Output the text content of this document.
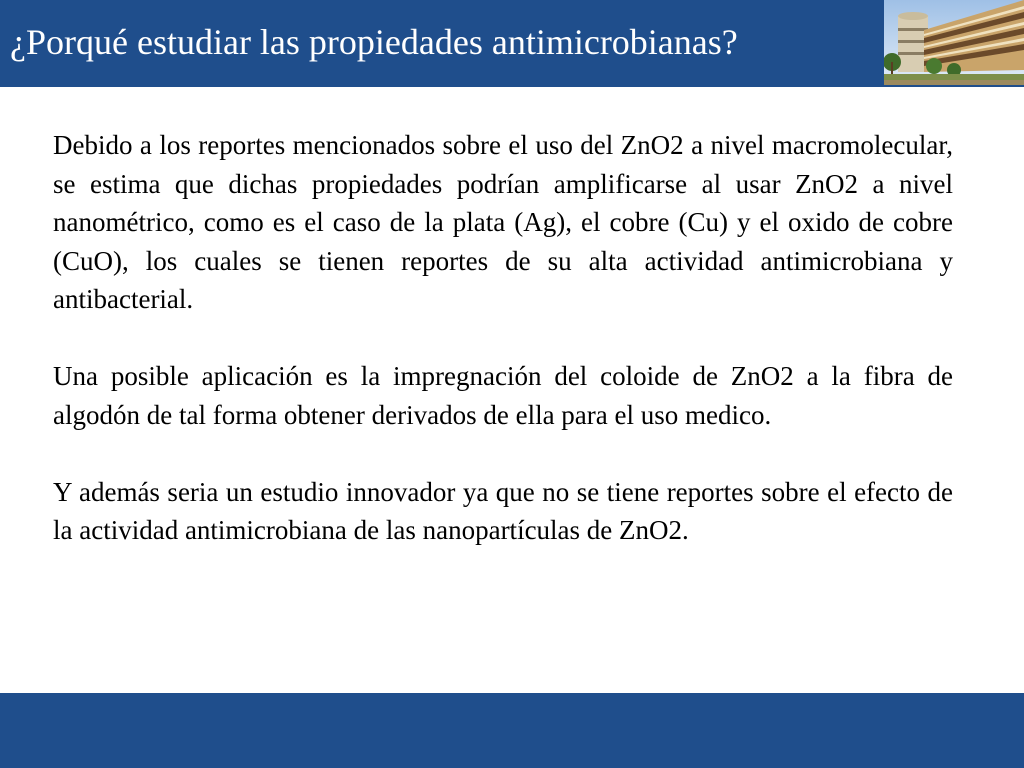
¿Porqué estudiar las propiedades antimicrobianas?

Debido a los reportes mencionados sobre el uso del ZnO2 a nivel macromolecular, se estima que dichas propiedades podrían amplificarse al usar ZnO2 a nivel nanométrico, como es el caso de la plata (Ag), el cobre (Cu) y el oxido de cobre (CuO), los cuales se tienen reportes de su alta actividad antimicrobiana y antibacterial.

Una posible aplicación es la impregnación del coloide de ZnO2 a la fibra de algodón de tal forma obtener derivados de ella para el uso medico.

Y además seria un estudio innovador ya que no se tiene reportes sobre el efecto de la actividad antimicrobiana de las nanopartículas de ZnO2.
